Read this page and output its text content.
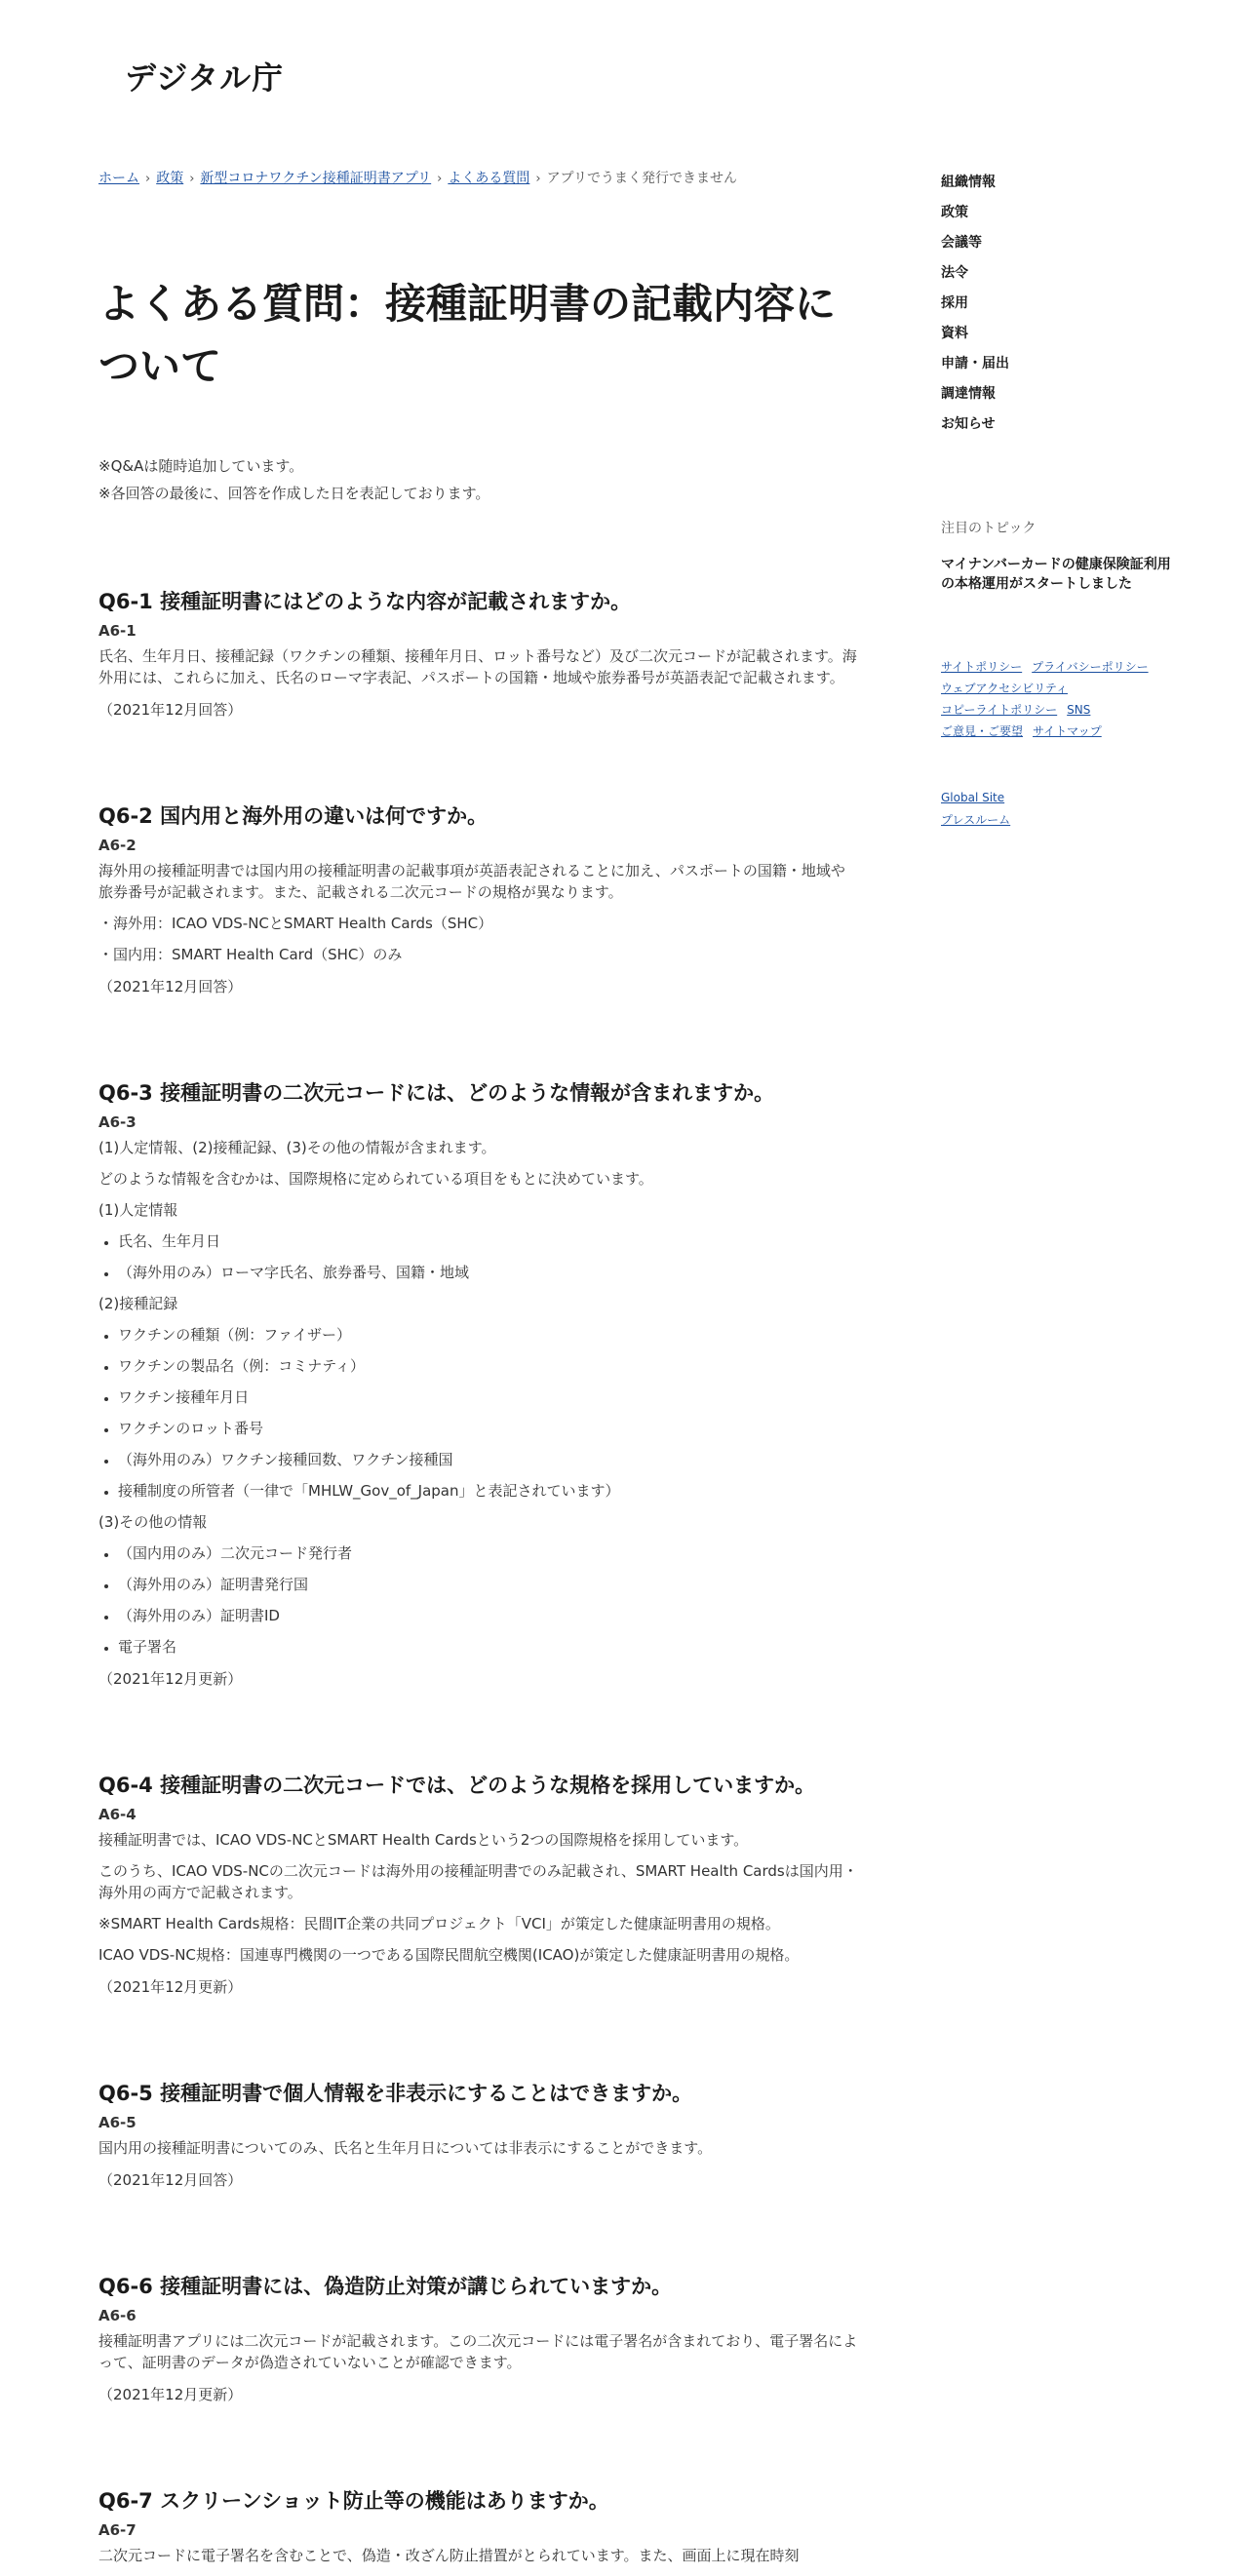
デジタル庁
ホーム › 政策 › 新型コロナワクチン接種証明書アプリ › よくある質問 › アプリでうまく発行できません
よくある質問：接種証明書の記載内容について
※Q&Aは随時追加しています。
※各回答の最後に、回答を作成した日を表記しております。
Q6-1 接種証明書にはどのような内容が記載されますか。
A6-1

氏名、生年月日、接種記録（ワクチンの種類、接種年月日、ロット番号など）及び二次元コードが記載されます。海外用には、これらに加え、氏名のローマ字表記、パスポートの国籍・地域や旅券番号が英語表記で記載されます。

（2021年12月回答）
Q6-2 国内用と海外用の違いは何ですか。
A6-2

海外用の接種証明書では国内用の接種証明書の記載事項が英語表記されることに加え、パスポートの国籍・地域や旅券番号が記載されます。また、記載される二次元コードの規格が異なります。

・海外用：ICAO VDS-NCとSMART Health Cards（SHC）

・国内用：SMART Health Card（SHC）のみ

（2021年12月回答）
Q6-3 接種証明書の二次元コードには、どのような情報が含まれますか。
A6-3

(1)人定情報、(2)接種記録、(3)その他の情報が含まれます。

どのような情報を含むかは、国際規格に定められている項目をもとに決めています。

(1)人定情報

• 氏名、生年月日
• （海外用のみ）ローマ字氏名、旅券番号、国籍・地域

(2)接種記録

• ワクチンの種類（例：ファイザー）
• ワクチンの製品名（例：コミナティ）
• ワクチン接種年月日
• ワクチンのロット番号
• （海外用のみ）ワクチン接種回数、ワクチン接種国
• 接種制度の所管者（一律で「MHLW_Gov_of_Japan」と表記されています）

(3)その他の情報

• （国内用のみ）二次元コード発行者
• （海外用のみ）証明書発行国
• （海外用のみ）証明書ID
• 電子署名
（2021年12月更新）
Q6-4 接種証明書の二次元コードでは、どのような規格を採用していますか。
A6-4

接種証明書では、ICAO VDS-NCとSMART Health Cardsという2つの国際規格を採用しています。

このうち、ICAO VDS-NCの二次元コードは海外用の接種証明書でのみ記載され、SMART Health Cardsは国内用・海外用の両方で記載されます。

※SMART Health Cards規格：民間IT企業の共同プロジェクト「VCI」が策定した健康証明書用の規格。

ICAO VDS-NC規格：国連専門機関の一つである国際民間航空機関(ICAO)が策定した健康証明書用の規格。

（2021年12月更新）
Q6-5 接種証明書で個人情報を非表示にすることはできますか。
A6-5

国内用の接種証明書についてのみ、氏名と生年月日については非表示にすることができます。

（2021年12月回答）
Q6-6 接種証明書には、偽造防止対策が講じられていますか。
A6-6

接種証明書アプリには二次元コードが記載されます。この二次元コードには電子署名が含まれており、電子署名によって、証明書のデータが偽造されていないことが確認できます。

（2021年12月更新）
Q6-7 スクリーンショット防止等の機能はありますか。
A6-7

二次元コードに電子署名を含むことで、偽造・改ざん防止措置がとられています。また、画面上に現在時刻

組織情報
政策
会議等
法令
採用
資料
申請・届出
調達情報
お知らせ
注目のトピック
マイナンバーカードの健康保険証利用の本格運用がスタートしました
サイトポリシー プライバシーポリシー
ウェブアクセシビリティ
コピーライトポリシー SNS
ご意見・ご要望 サイトマップ
Global Site
プレスルーム
